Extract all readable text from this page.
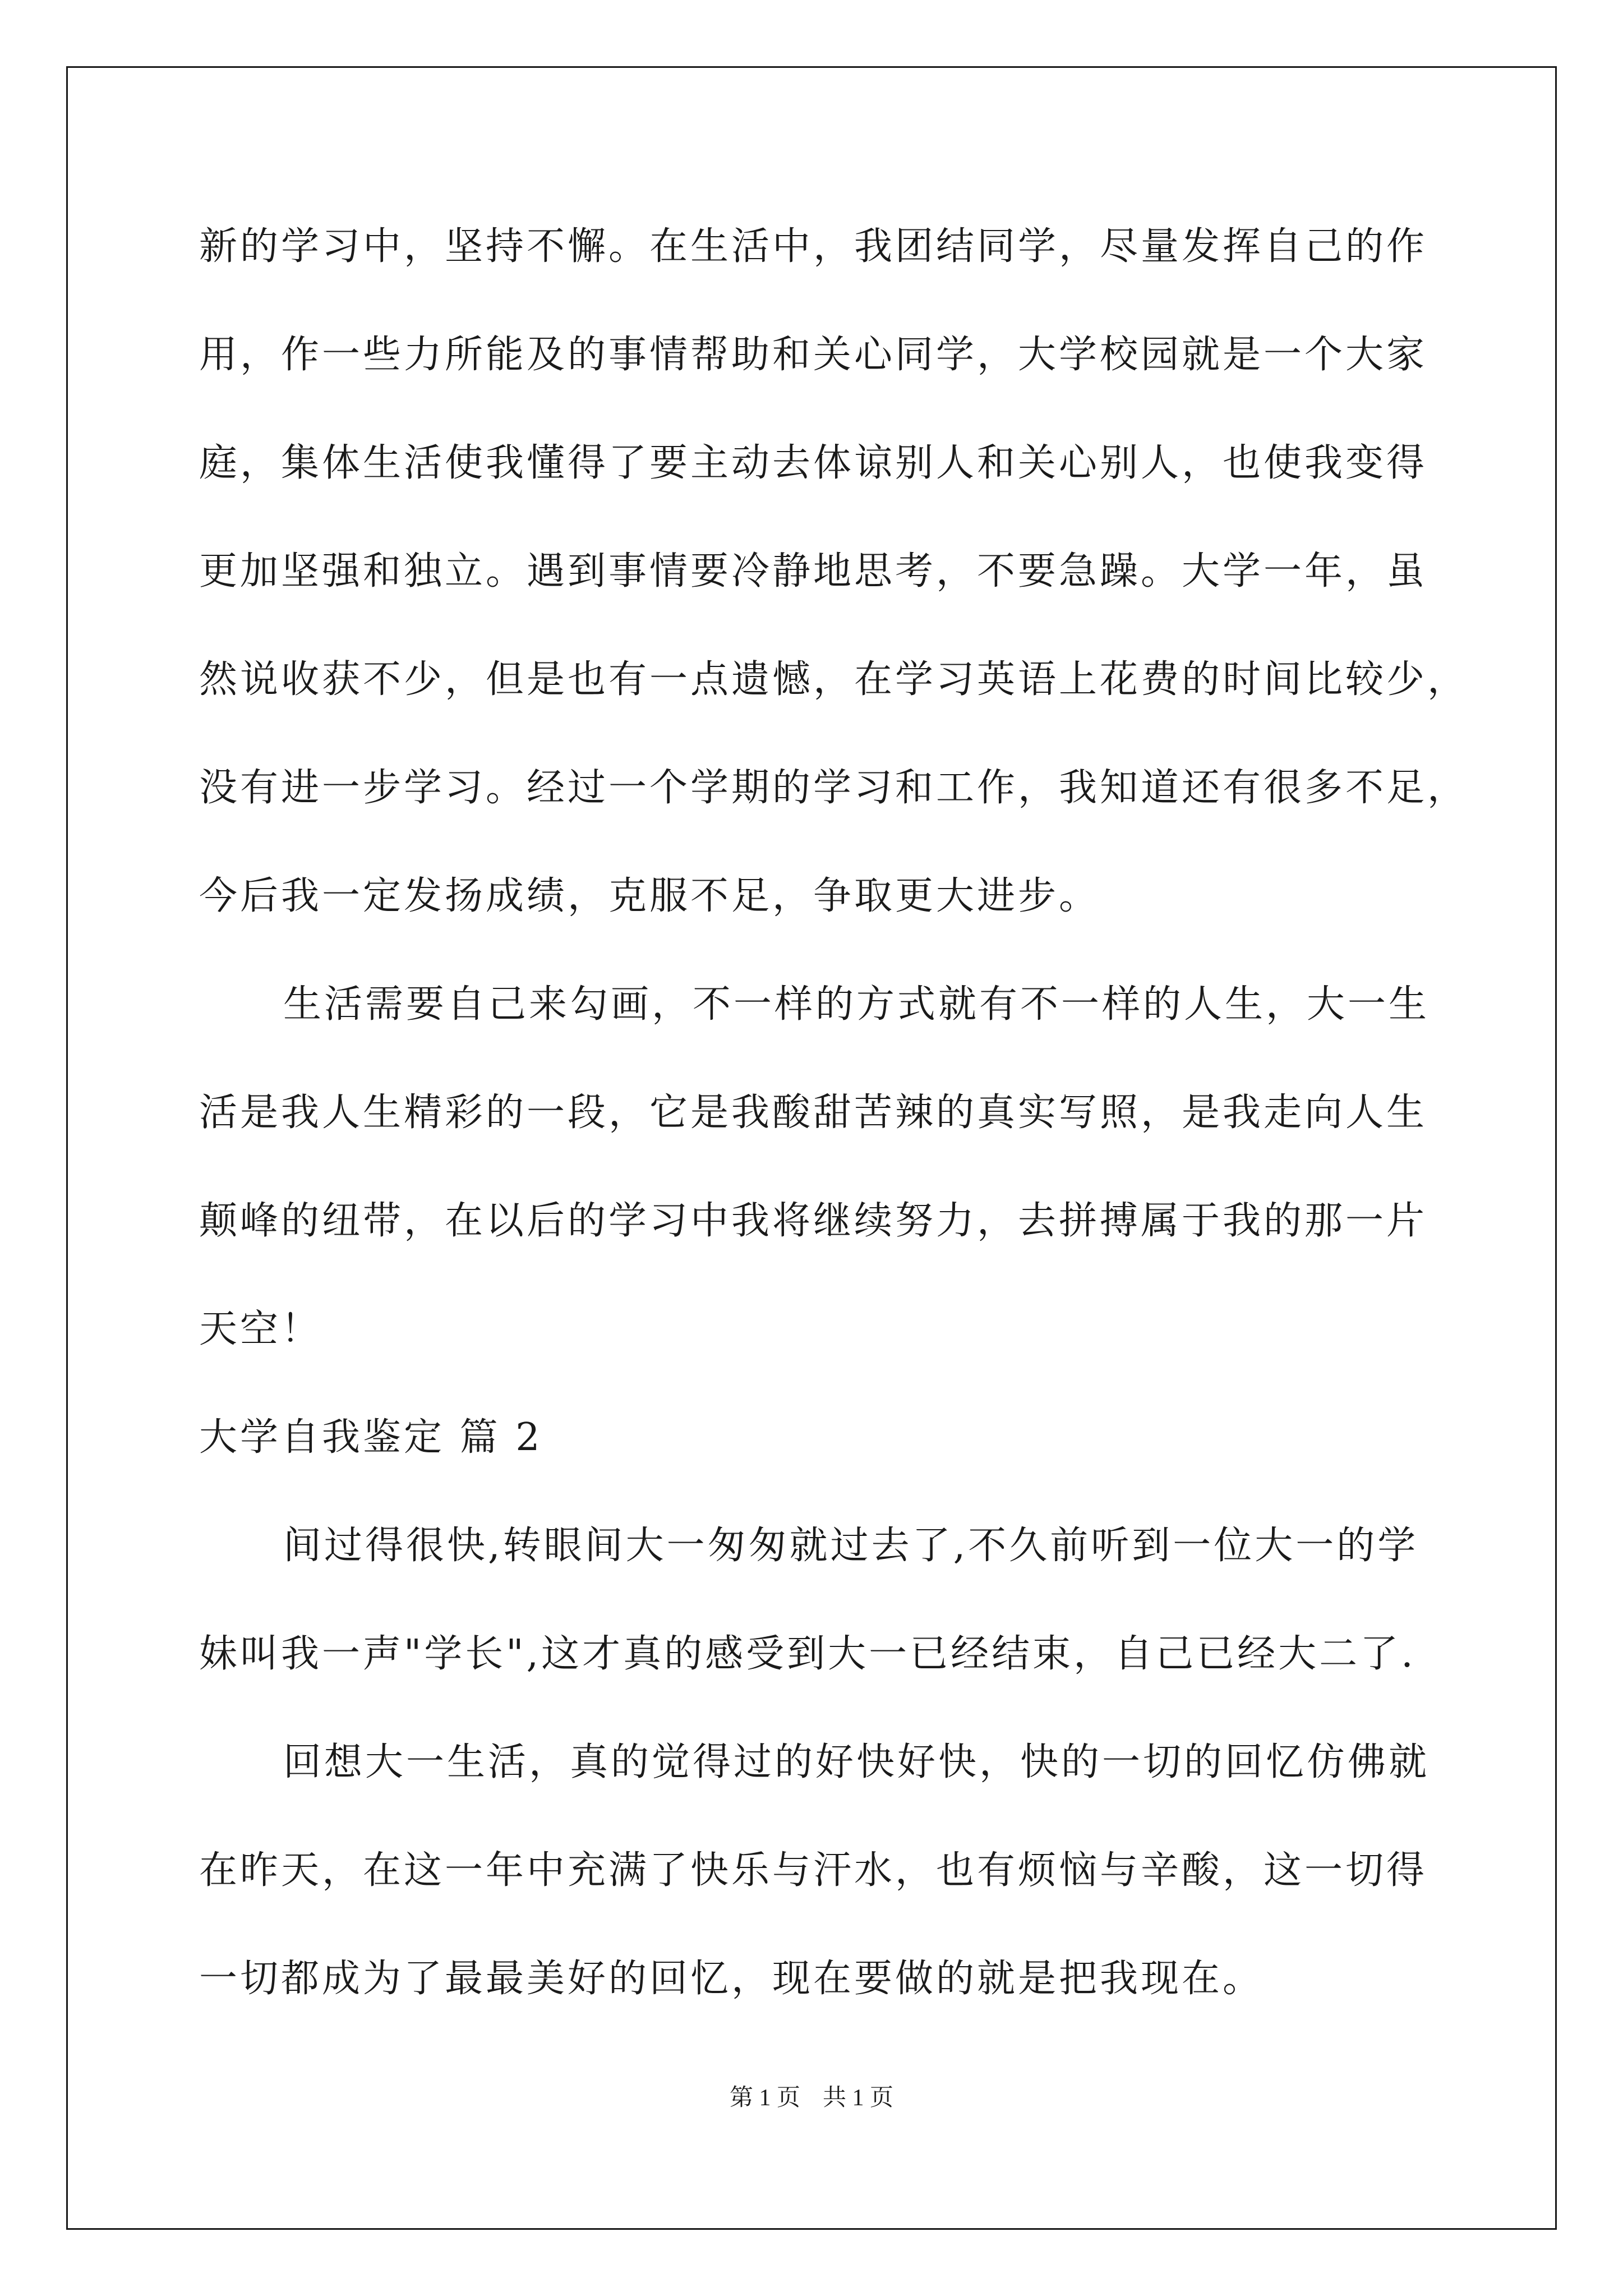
新的学习中，坚持不懈。在生活中，我团结同学，尽量发挥自己的作
用，作一些力所能及的事情帮助和关心同学，大学校园就是一个大家
庭，集体生活使我懂得了要主动去体谅别人和关心别人，也使我变得
更加坚强和独立。遇到事情要冷静地思考，不要急躁。大学一年，虽
然说收获不少，但是也有一点遗憾，在学习英语上花费的时间比较少，
没有进一步学习。经过一个学期的学习和工作，我知道还有很多不足，
今后我一定发扬成绩，克服不足，争取更大进步。
生活需要自己来勾画，不一样的方式就有不一样的人生，大一生
活是我人生精彩的一段，它是我酸甜苦辣的真实写照，是我走向人生
颠峰的纽带，在以后的学习中我将继续努力，去拼搏属于我的那一片
天空！
大学自我鉴定 篇 2
间过得很快,转眼间大一匆匆就过去了,不久前听到一位大一的学
妹叫我一声"学长",这才真的感受到大一已经结束，自己已经大二了.
回想大一生活，真的觉得过的好快好快，快的一切的回忆仿佛就
在昨天，在这一年中充满了快乐与汗水，也有烦恼与辛酸，这一切得
一切都成为了最最美好的回忆，现在要做的就是把我现在。
第 1 页 共 1 页
